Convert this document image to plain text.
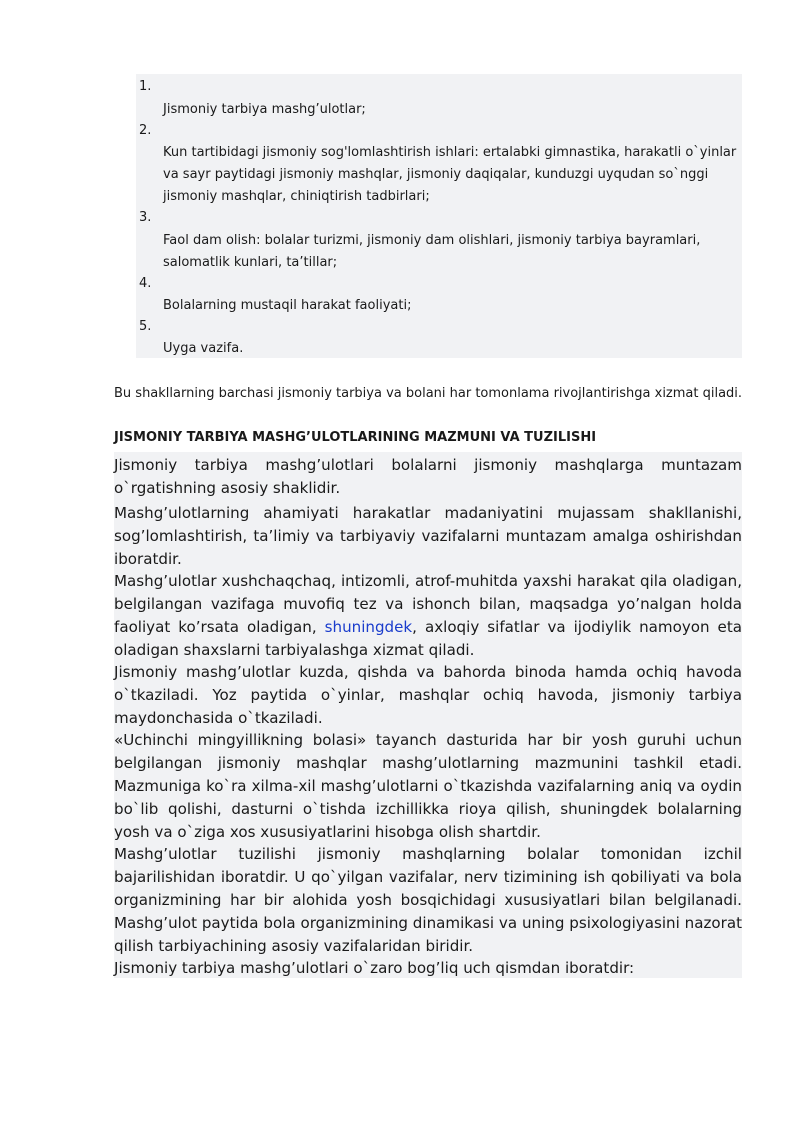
1.
Jismoniy tarbiya mashg’ulotlar;
2.
Kun tartibidagi jismoniy sog'lomlashtirish ishlari: ertalabki gimnastika, harakatli o`yinlar va sayr paytidagi jismoniy mashqlar, jismoniy daqiqalar, kunduzgi uyqudan so`nggi jismoniy mashqlar, chiniqtirish tadbirlari;
3.
Faol dam olish: bolalar turizmi, jismoniy dam olishlari, jismoniy tarbiya bayramlari, salomatlik kunlari, ta’tillar;
4.
Bolalarning mustaqil harakat faoliyati;
5.
Uyga vazifa.
Bu shakllarning barchasi jismoniy tarbiya va bolani har tomonlama rivojlantirishga xizmat qiladi.
JISMONIY TARBIYA MASHG’ULOTLARINING MAZMUNI VA TUZILISHI
Jismoniy tarbiya mashg’ulotlari bolalarni jismoniy mashqlarga muntazam o`rgatishning asosiy shaklidir.
Mashg’ulotlarning ahamiyati harakatlar madaniyatini mujassam shakllanishi, sog’lomlashtirish, ta’limiy va tarbiyaviy vazifalarni muntazam amalga oshirishdan iboratdir.
Mashg’ulotlar xushchaqchaq, intizomli, atrof-muhitda yaxshi harakat qila oladigan, belgilangan vazifaga muvofiq tez va ishonch bilan, maqsadga yo’nalgan holda faoliyat ko’rsata oladigan, shuningdek, axloqiy sifatlar va ijodiylik namoyon eta oladigan shaxslarni tarbiyalashga xizmat qiladi.
Jismoniy mashg’ulotlar kuzda, qishda va bahorda binoda hamda ochiq havoda o`tkaziladi. Yoz paytida o`yinlar, mashqlar ochiq havoda, jismoniy tarbiya maydonchasida o`tkaziladi.
«Uchinchi mingyillikning bolasi» tayanch dasturida har bir yosh guruhi uchun belgilangan jismoniy mashqlar mashg’ulotlarning mazmunini tashkil etadi. Mazmuniga ko`ra xilma-xil mashg’ulotlarni o`tkazishda vazifalarning aniq va oydin bo`lib qolishi, dasturni o`tishda izchillikka rioya qilish, shuningdek bolalarning yosh va o`ziga xos xususiyatlarini hisobga olish shartdir.
Mashg’ulotlar tuzilishi jismoniy mashqlarning bolalar tomonidan izchil bajarilishidan iboratdir. U qo`yilgan vazifalar, nerv tizimining ish qobiliyati va bola organizmining har bir alohida yosh bosqichidagi xususiyatlari bilan belgilanadi. Mashg’ulot paytida bola organizmining dinamikasi va uning psixologiyasini nazorat qilish tarbiyachining asosiy vazifalaridan biridir.
Jismoniy tarbiya mashg’ulotlari o`zaro bog’liq uch qismdan iboratdir:
